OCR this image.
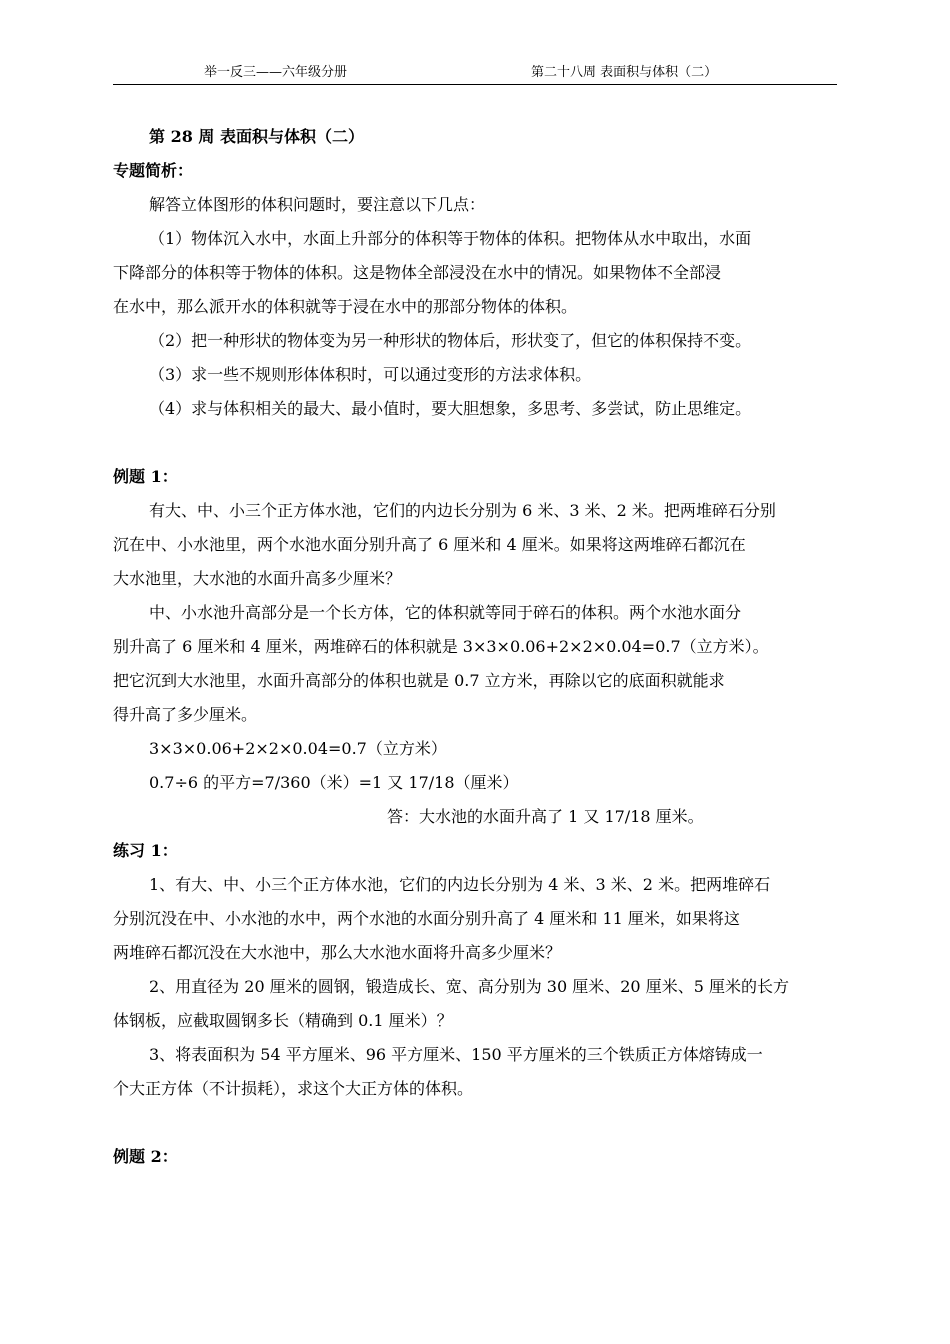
举一反三——六年级分册	第二十八周 表面积与体积（二）

第 28 周 表面积与体积（二）

专题简析：

解答立体图形的体积问题时，要注意以下几点：

（1）物体沉入水中，水面上升部分的体积等于物体的体积。把物体从水中取出，水面

下降部分的体积等于物体的体积。这是物体全部浸没在水中的情况。如果物体不全部浸

在水中，那么派开水的体积就等于浸在水中的那部分物体的体积。

（2）把一种形状的物体变为另一种形状的物体后，形状变了，但它的体积保持不变。

（3）求一些不规则形体体积时，可以通过变形的方法求体积。

（4）求与体积相关的最大、最小值时，要大胆想象，多思考、多尝试，防止思维定。

例题 1：

有大、中、小三个正方体水池，它们的内边长分别为 6 米、3 米、2 米。把两堆碎石分别

沉在中、小水池里，两个水池水面分别升高了 6 厘米和 4 厘米。如果将这两堆碎石都沉在

大水池里，大水池的水面升高多少厘米？

中、小水池升高部分是一个长方体，它的体积就等同于碎石的体积。两个水池水面分

别升高了 6 厘米和 4 厘米，两堆碎石的体积就是 3×3×0.06+2×2×0.04=0.7（立方米）。

把它沉到大水池里，水面升高部分的体积也就是 0.7 立方米，再除以它的底面积就能求

得升高了多少厘米。

3×3×0.06+2×2×0.04=0.7（立方米）

0.7÷6 的平方=7/360（米）=1 又 17/18（厘米）

答：大水池的水面升高了 1 又 17/18 厘米。

练习 1：

1、有大、中、小三个正方体水池，它们的内边长分别为 4 米、3 米、2 米。把两堆碎石

分别沉没在中、小水池的水中，两个水池的水面分别升高了 4 厘米和 11 厘米，如果将这

两堆碎石都沉没在大水池中，那么大水池水面将升高多少厘米？

2、用直径为 20 厘米的圆钢，锻造成长、宽、高分别为 30 厘米、20 厘米、5 厘米的长方

体钢板，应截取圆钢多长（精确到 0.1 厘米）？

3、将表面积为 54 平方厘米、96 平方厘米、150 平方厘米的三个铁质正方体熔铸成一

个大正方体（不计损耗），求这个大正方体的体积。

例题 2：
